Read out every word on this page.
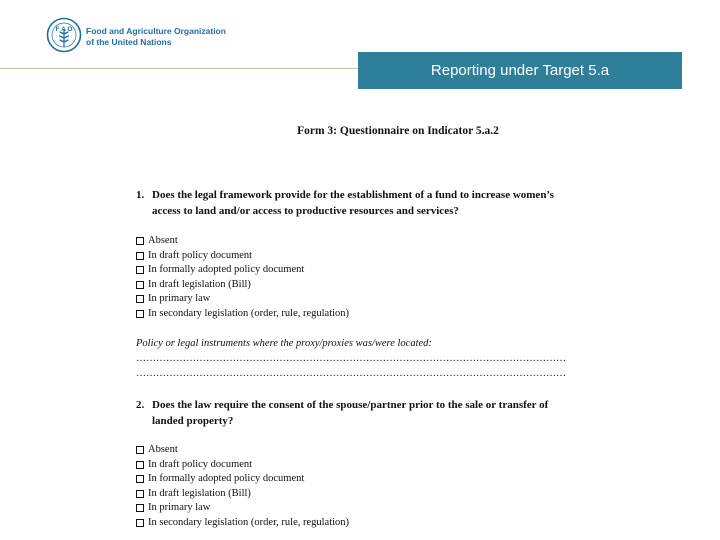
F A O Food and Agriculture Organization
of the United Nations
Reporting under Target 5.a
Form 3: Questionnaire on Indicator 5.a.2
1. Does the legal framework provide for the establishment of a fund to increase women’s access to land and/or access to productive resources and services?
Absent
In draft policy document
In formally adopted policy document
In draft legislation (Bill)
In primary law
In secondary legislation (order, rule, regulation)
Policy or legal instruments where the proxy/proxies was/were located:
…………………………………………………………………………………………………………………
…………………………………………………………………………………………………………………
2. Does the law require the consent of the spouse/partner prior to the sale or transfer of landed property?
Absent
In draft policy document
In formally adopted policy document
In draft legislation (Bill)
In primary law
In secondary legislation (order, rule, regulation)
